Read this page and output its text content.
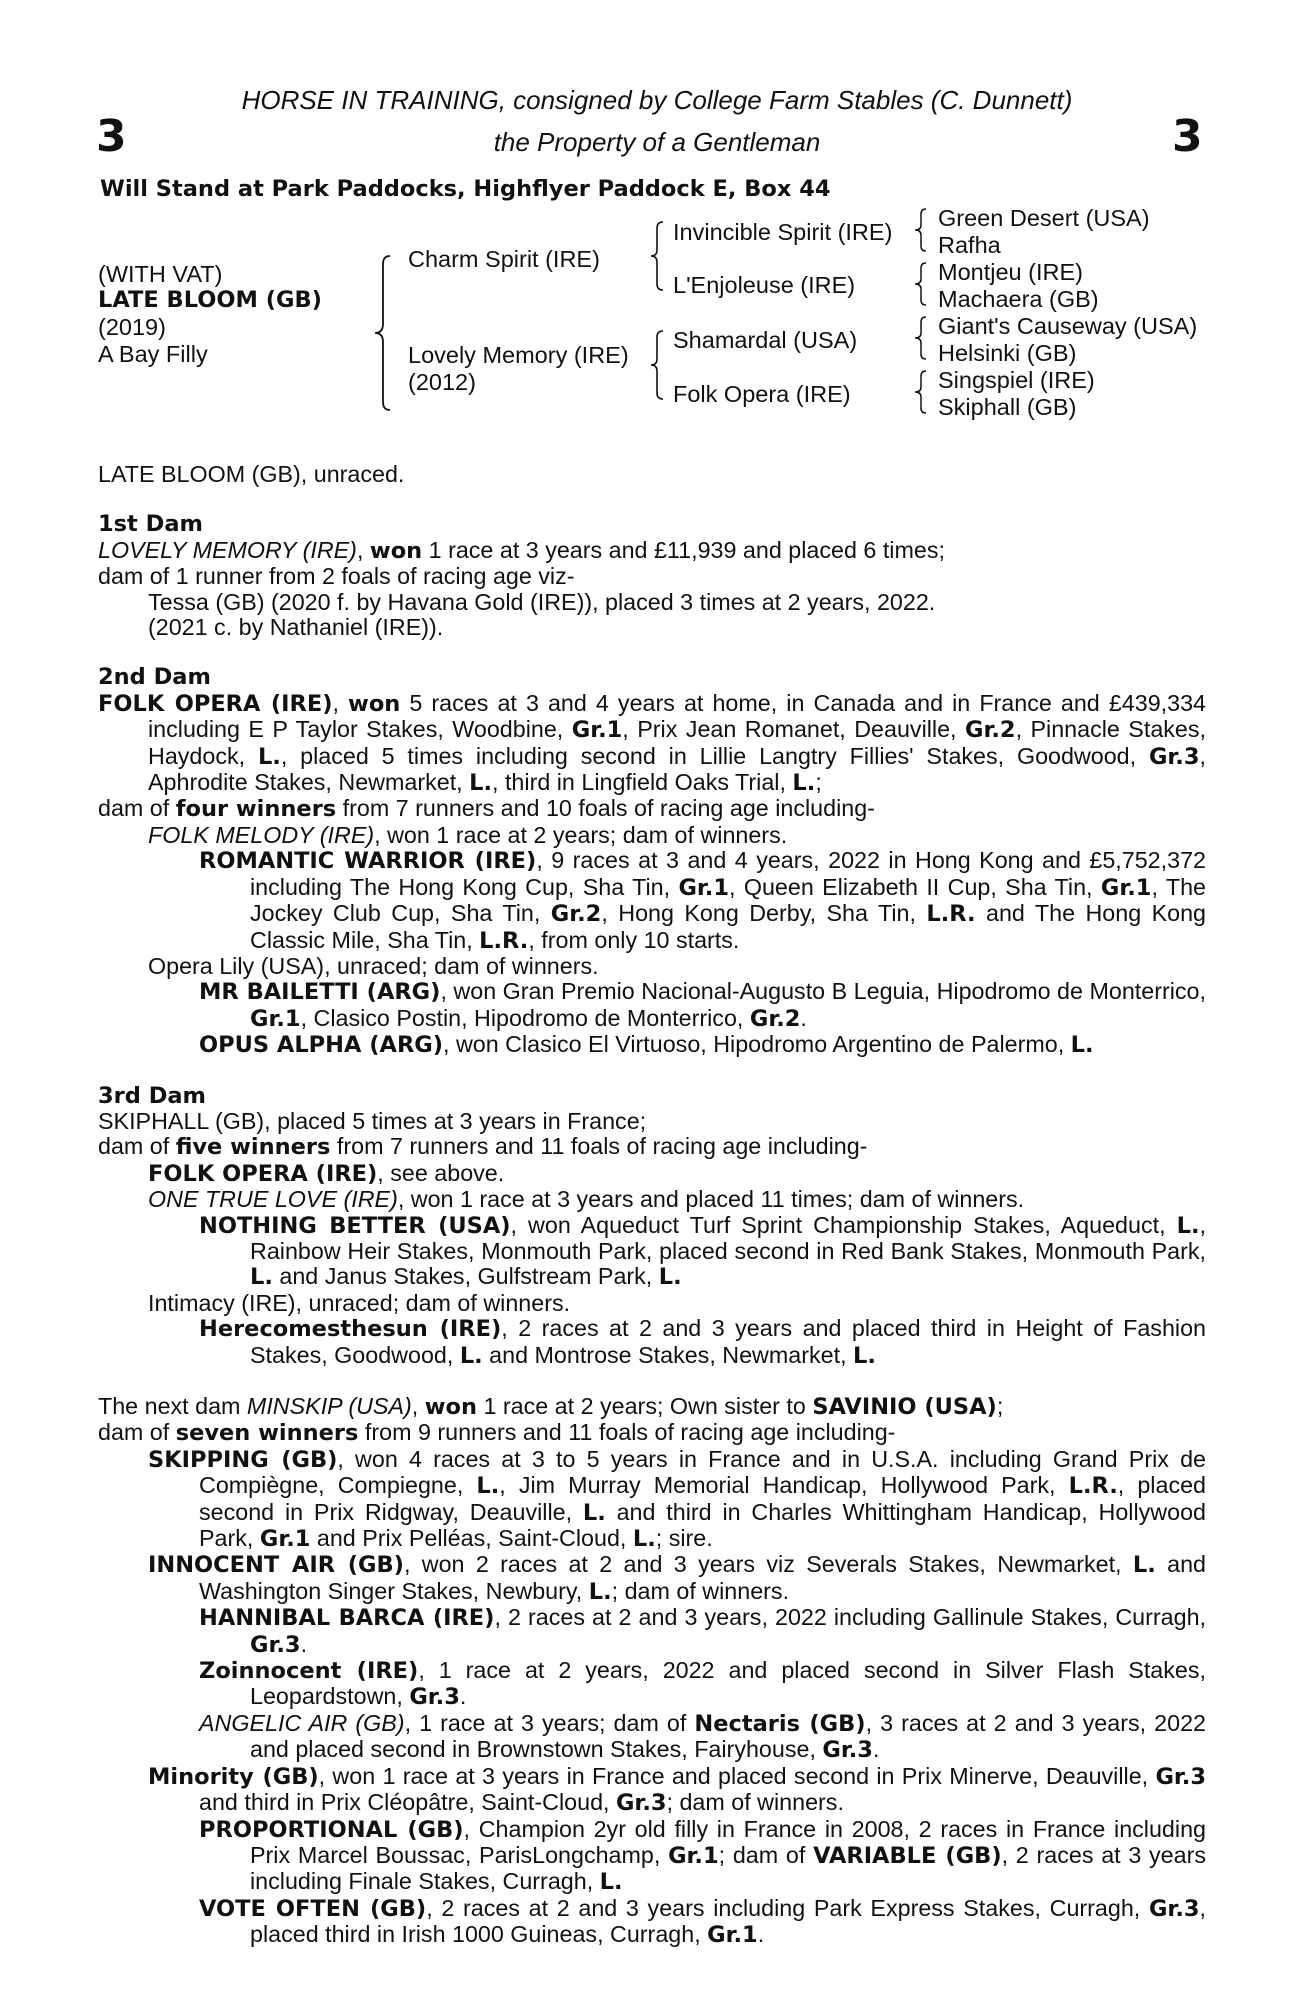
3	3
HORSE IN TRAINING, consigned by College Farm Stables (C. Dunnett)
the Property of a Gentleman
Will Stand at Park Paddocks, Highflyer Paddock E, Box 44
(WITH VAT)
LATE BLOOM (GB)
(2019)
A Bay Filly
Charm Spirit (IRE)
Lovely Memory (IRE)
(2012)
Invincible Spirit (IRE)
L'Enjoleuse (IRE)
Shamardal (USA)
Folk Opera (IRE)
Green Desert (USA)
Rafha
Montjeu (IRE)
Machaera (GB)
Giant's Causeway (USA)
Helsinki (GB)
Singspiel (IRE)
Skiphall (GB)
LATE BLOOM (GB), unraced.
1st Dam
LOVELY MEMORY (IRE), won 1 race at 3 years and £11,939 and placed 6 times;
dam of 1 runner from 2 foals of racing age viz-
Tessa (GB) (2020 f. by Havana Gold (IRE)), placed 3 times at 2 years, 2022.
(2021 c. by Nathaniel (IRE)).
2nd Dam
FOLK OPERA (IRE), won 5 races at 3 and 4 years at home, in Canada and in France and £439,334 including E P Taylor Stakes, Woodbine, Gr.1, Prix Jean Romanet, Deauville, Gr.2, Pinnacle Stakes, Haydock, L., placed 5 times including second in Lillie Langtry Fillies' Stakes, Goodwood, Gr.3, Aphrodite Stakes, Newmarket, L., third in Lingfield Oaks Trial, L.;
dam of four winners from 7 runners and 10 foals of racing age including-
FOLK MELODY (IRE), won 1 race at 2 years; dam of winners.
ROMANTIC WARRIOR (IRE), 9 races at 3 and 4 years, 2022 in Hong Kong and £5,752,372 including The Hong Kong Cup, Sha Tin, Gr.1, Queen Elizabeth II Cup, Sha Tin, Gr.1, The Jockey Club Cup, Sha Tin, Gr.2, Hong Kong Derby, Sha Tin, L.R. and The Hong Kong Classic Mile, Sha Tin, L.R., from only 10 starts.
Opera Lily (USA), unraced; dam of winners.
MR BAILETTI (ARG), won Gran Premio Nacional-Augusto B Leguia, Hipodromo de Monterrico, Gr.1, Clasico Postin, Hipodromo de Monterrico, Gr.2.
OPUS ALPHA (ARG), won Clasico El Virtuoso, Hipodromo Argentino de Palermo, L.
3rd Dam
SKIPHALL (GB), placed 5 times at 3 years in France;
dam of five winners from 7 runners and 11 foals of racing age including-
FOLK OPERA (IRE), see above.
ONE TRUE LOVE (IRE), won 1 race at 3 years and placed 11 times; dam of winners.
NOTHING BETTER (USA), won Aqueduct Turf Sprint Championship Stakes, Aqueduct, L., Rainbow Heir Stakes, Monmouth Park, placed second in Red Bank Stakes, Monmouth Park, L. and Janus Stakes, Gulfstream Park, L.
Intimacy (IRE), unraced; dam of winners.
Herecomesthesun (IRE), 2 races at 2 and 3 years and placed third in Height of Fashion Stakes, Goodwood, L. and Montrose Stakes, Newmarket, L.
The next dam MINSKIP (USA), won 1 race at 2 years; Own sister to SAVINIO (USA);
dam of seven winners from 9 runners and 11 foals of racing age including-
SKIPPING (GB), won 4 races at 3 to 5 years in France and in U.S.A. including Grand Prix de Compiègne, Compiegne, L., Jim Murray Memorial Handicap, Hollywood Park, L.R., placed second in Prix Ridgway, Deauville, L. and third in Charles Whittingham Handicap, Hollywood Park, Gr.1 and Prix Pelléas, Saint-Cloud, L.; sire.
INNOCENT AIR (GB), won 2 races at 2 and 3 years viz Severals Stakes, Newmarket, L. and Washington Singer Stakes, Newbury, L.; dam of winners.
HANNIBAL BARCA (IRE), 2 races at 2 and 3 years, 2022 including Gallinule Stakes, Curragh, Gr.3.
Zoinnocent (IRE), 1 race at 2 years, 2022 and placed second in Silver Flash Stakes, Leopardstown, Gr.3.
ANGELIC AIR (GB), 1 race at 3 years; dam of Nectaris (GB), 3 races at 2 and 3 years, 2022 and placed second in Brownstown Stakes, Fairyhouse, Gr.3.
Minority (GB), won 1 race at 3 years in France and placed second in Prix Minerve, Deauville, Gr.3 and third in Prix Cléopâtre, Saint-Cloud, Gr.3; dam of winners.
PROPORTIONAL (GB), Champion 2yr old filly in France in 2008, 2 races in France including Prix Marcel Boussac, ParisLongchamp, Gr.1; dam of VARIABLE (GB), 2 races at 3 years including Finale Stakes, Curragh, L.
VOTE OFTEN (GB), 2 races at 2 and 3 years including Park Express Stakes, Curragh, Gr.3, placed third in Irish 1000 Guineas, Curragh, Gr.1.
